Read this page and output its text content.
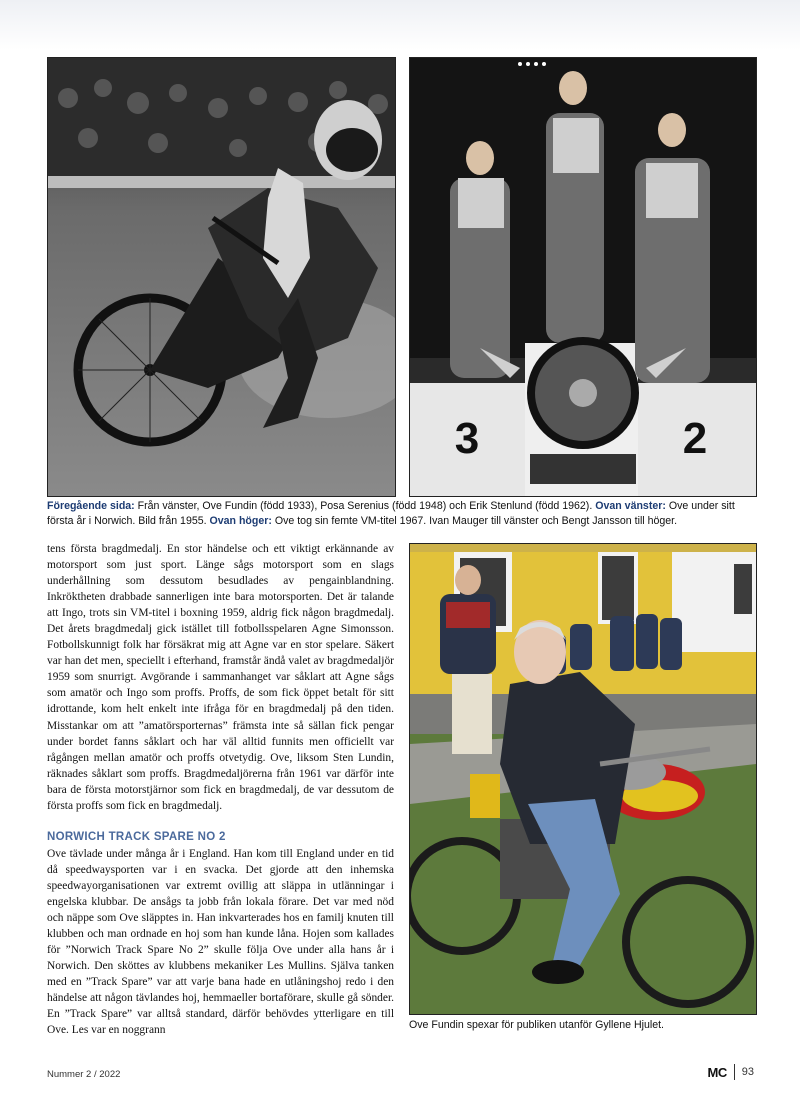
3	2
Föregående sida: Från vänster, Ove Fundin (född 1933), Posa Serenius (född 1948) och Erik Stenlund (född 1962). Ovan vänster: Ove under sitt första år i Norwich. Bild från 1955. Ovan höger: Ove tog sin femte VM-titel 1967. Ivan Mauger till vänster och Bengt Jansson till höger.

tens första bragdmedalj. En stor händelse och ett viktigt erkännande av motorsport som just sport. Länge sågs motorsport som en slags underhållning som dessutom besudlades av pengainblandning. Inkröktheten drabbade sannerligen inte bara motorsporten. Det är talande att Ingo, trots sin VM-titel i boxning 1959, aldrig fick någon bragdmedalj. Det årets bragdmedalj gick istället till fotbollsspelaren Agne Simonsson. Fotbollskunnigt folk har försäkrat mig att Agne var en stor spelare. Säkert var han det men, speciellt i efterhand, framstår ändå valet av bragdmedaljör 1959 som snurrigt. Avgörande i sammanhanget var såklart att Agne sågs som amatör och Ingo som proffs. Proffs, de som fick öppet betalt för sitt idrottande, kom helt enkelt inte ifråga för en bragdmedalj på den tiden. Misstankar om att ”amatörsporternas” främsta inte så sällan fick pengar under bordet fanns såklart och har väl alltid funnits men officiellt var rågången mellan amatör och proffs otvetydig. Ove, liksom Sten Lundin, räknades såklart som proffs. Bragdmedaljörerna från 1961 var därför inte bara de första motorstjärnor som fick en bragdmedalj, de var dessutom de första proffs som fick en bragdmedalj.

NORWICH TRACK SPARE NO 2

Ove tävlade under många år i England. Han kom till England under en tid då speedwaysporten var i en svacka. Det gjorde att den inhemska speedwayorganisationen var extremt ovillig att släppa in utlänningar i engelska klubbar. De ansågs ta jobb från lokala förare. Det var med nöd och näppe som Ove släpptes in. Han inkvarterades hos en familj knuten till klubben och man ordnade en hoj som han kunde låna. Hojen som kallades för ”Norwich Track Spare No 2” skulle följa Ove under alla hans år i Norwich. Den sköttes av klubbens mekaniker Les Mullins. Själva tanken med en ”Track Spare” var att varje bana hade en utlåningshoj redo i den händelse att någon tävlandes hoj, hemmaeller bortaförare, skulle gå sönder. En ”Track Spare” var alltså standard, därför behövdes ytterligare en till Ove. Les var en noggrann	Ove Fundin spexar för publiken utanför Gyllene Hjulet.
Nummer 2 / 2022	MC 93
